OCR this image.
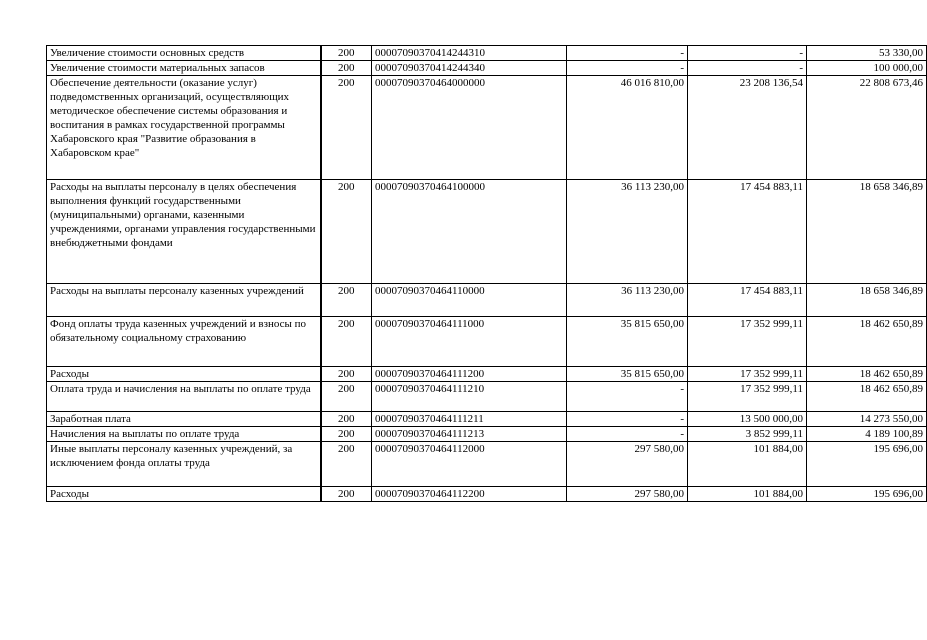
Увеличение стоимости основных средств	200	00007090370414244310	-	-	53 330,00
Увеличение стоимости материальных запасов	200	00007090370414244340	-	-	100 000,00
Обеспечение деятельности (оказание услуг) подведомственных организаций, осуществляющих методическое обеспечение системы образования и воспитания в рамках государственной программы Хабаровского края "Развитие образования в Хабаровском крае"	200	00007090370464000000	46 016 810,00	23 208 136,54	22 808 673,46
Расходы на выплаты персоналу в целях обеспечения выполнения функций государственными (муниципальными) органами, казенными учреждениями, органами управления государственными внебюджетными фондами	200	00007090370464100000	36 113 230,00	17 454 883,11	18 658 346,89
Расходы на выплаты персоналу казенных учреждений	200	00007090370464110000	36 113 230,00	17 454 883,11	18 658 346,89
Фонд оплаты труда казенных учреждений и взносы по обязательному социальному страхованию	200	00007090370464111000	35 815 650,00	17 352 999,11	18 462 650,89
Расходы	200	00007090370464111200	35 815 650,00	17 352 999,11	18 462 650,89
Оплата труда и начисления на выплаты по оплате труда	200	00007090370464111210	-	17 352 999,11	18 462 650,89
Заработная плата	200	00007090370464111211	-	13 500 000,00	14 273 550,00
Начисления на выплаты по оплате труда	200	00007090370464111213	-	3 852 999,11	4 189 100,89
Иные выплаты персоналу казенных учреждений, за исключением фонда оплаты труда	200	00007090370464112000	297 580,00	101 884,00	195 696,00
Расходы	200	00007090370464112200	297 580,00	101 884,00	195 696,00
